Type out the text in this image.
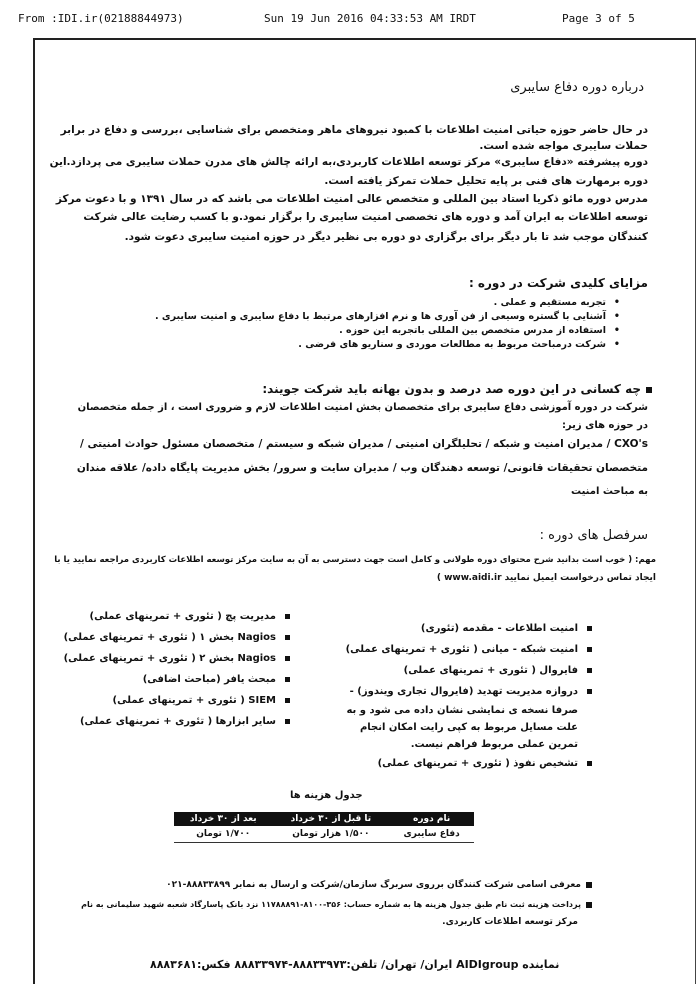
From :IDI.ir(02188844973)	Sun 19 Jun 2016 04:33:53 AM IRDT	Page 3 of 5
درباره دوره دفاع سایبری
در حال حاضر حوزه حیاتی امنیت اطلاعات با کمبود نیروهای ماهر ومتخصص برای شناسایی ،بررسی و دفاع در برابر
حملات سایبری مواجه شده است.
دوره پیشرفته «دفاع سایبری» مرکز توسعه اطلاعات کاربردی،به ارائه چالش های مدرن حملات سایبری می پردازد.این
دوره برمهارت های فنی بر پایه تحلیل حملات تمرکز یافته است.
مدرس دوره مائو ذکریا استاد بین المللی و متخصص عالی امنیت اطلاعات می باشد که در سال ۱۳۹۱ و با دعوت مرکز
توسعه اطلاعات به ایران آمد و دوره های تخصصی امنیت سایبری را برگزار نمود.و با کسب رضایت عالی شرکت
کنندگان موجب شد تا بار دیگر برای برگزاری دو دوره بی نظیر دیگر در حوزه امنیت سایبری دعوت شود.
مزایای کلیدی شرکت در دوره :
• تجربه مستقیم و عملی .
• آشنایی با گستره وسیعی از فن آوری ها و نرم افزارهای مرتبط با دفاع سایبری و امنیت سایبری .
• استفاده از مدرس متخصص بین المللی باتجربه این حوزه .
• شرکت درمباحث مربوط به مطالعات موردی و سناریو های فرضی .
چه کسانی در این دوره صد درصد و بدون بهانه باید شرکت جویند:
شرکت در دوره آموزشی دفاع سایبری برای متخصصان بخش امنیت اطلاعات لازم و ضروری است ، از جمله متخصصان
در حوزه های زیر:
CXO's / مدیران امنیت و شبکه / تحلیلگران امنیتی / مدیران شبکه و سیستم / متخصصان مسئول حوادث امنیتی /
متخصصان تحقیقات قانونی/ توسعه دهندگان وب / مدیران سایت و سرور/ بخش مدیریت پایگاه داده/ علاقه مندان
به مباحث امنیت
سرفصل های دوره :
مهم: ( خوب است بدانید شرح محتوای دوره طولانی و کامل است جهت دسترسی به آن به سایت مرکز توسعه اطلاعات کاربردی مراجعه نمایید یا با
ایجاد تماس درخواست ایمیل نمایید www.aidi.ir )
امنیت اطلاعات - مقدمه (تئوری)
امنیت شبکه - میانی ( تئوری + تمرینهای عملی)
فایروال ( تئوری + تمرینهای عملی)
دروازه مدیریت تهدید (فایروال تجاری ویندوز) -
صرفا نسخه ی نمایشی نشان داده می شود و به
علت مسایل مربوط به کپی رایت امکان انجام
تمرین عملی مربوط فراهم نیست.
تشخیص نفوذ ( تئوری + تمرینهای عملی)
مدیریت پچ ( تئوری + تمرینهای عملی)
Nagios بخش ۱ ( تئوری + تمرینهای عملی)
Nagios بخش ۲ ( تئوری + تمرینهای عملی)
مبحث یافر (مباحث اضافی)
SIEM ( تئوری + تمرینهای عملی)
سایر ابزارها ( تئوری + تمرینهای عملی)
جدول هزینه ها
نام دوره	تا قبل از ۳۰ خرداد	بعد از ۳۰ خرداد
دفاع سایبری	۱/۵۰۰ هزار تومان	۱/۷۰۰ تومان
معرفی اسامی شرکت کنندگان برروی سربرگ سازمان/شرکت و ارسال به نمابر ۸۸۸۳۳۸۹۹-۰۲۱
پرداخت هزینه ثبت نام طبق جدول هزینه ها به شماره حساب: ۳۵۶-۸۱۰۰-۱۱۷۸۸۸۹۱ نزد بانک پاسارگاد شعبه شهید سلیمانی به نام
مرکز توسعه اطلاعات کاربردی.
نماینده AIDIgroup ایران/ تهران/ تلفن:۸۸۸۳۳۹۷۳-۸۸۸۳۳۹۷۴ فکس:۸۸۸۳۶۸۱
